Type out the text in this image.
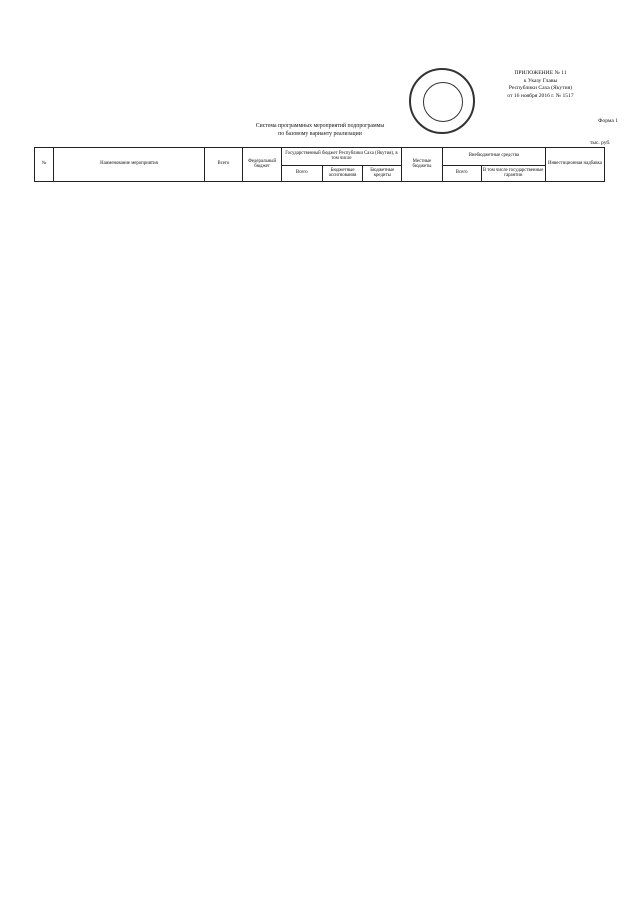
ПРИЛОЖЕНИЕ № 11
к Указу Главы
Республики Саха (Якутия)
от 16 ноября 2016 г. № 1517
Форма 1
Система программных мероприятий подпрограммы
по базовому варианту реализации
тыс. руб.
№	Наименование мероприятия	Всего	Федеральный бюджет	Государственный бюджет Республики Саха (Якутия), в том числе			Местные бюджеты	Внебюджетные средства		Инвестиционная надбавка
				Всего	Бюджетные ассигнования	Бюджетные кредиты		Всего	В том числе государственные гарантии	
